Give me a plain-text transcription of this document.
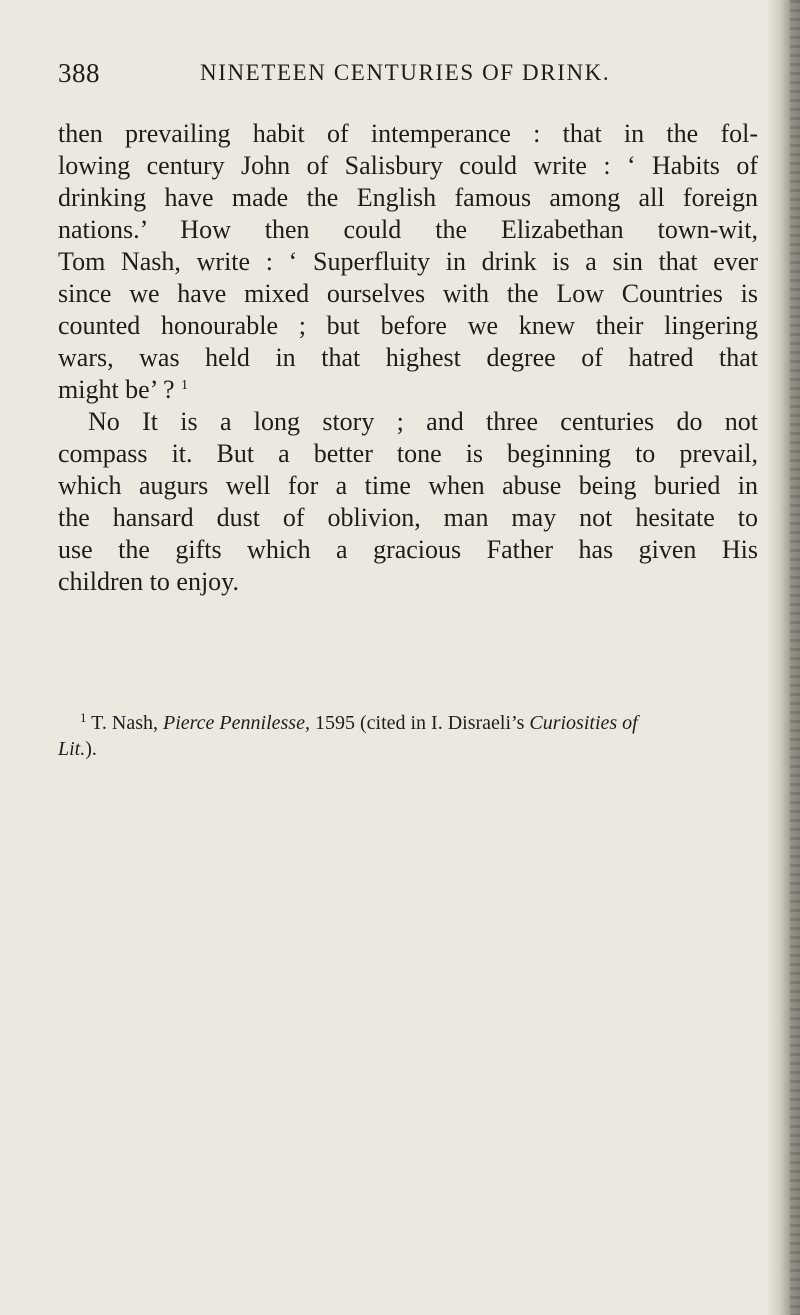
388	NINETEEN CENTURIES OF DRINK.
then prevailing habit of intemperance : that in the fol-
lowing century John of Salisbury could write : ‘ Habits of
drinking have made the English famous among all foreign
nations.’ How then could the Elizabethan town-wit,
Tom Nash, write : ‘ Superfluity in drink is a sin that ever
since we have mixed ourselves with the Low Countries is
counted honourable ; but before we knew their lingering
wars, was held in that highest degree of hatred that
might be’ ? $^1$
No It is a long story ; and three centuries do not
compass it. But a better tone is beginning to prevail,
which augurs well for a time when abuse being buried in
the hansard dust of oblivion, man may not hesitate to
use the gifts which a gracious Father has given His
children to enjoy.
$^1$ T. Nash, Pierce Pennilesse, 1595 (cited in I. Disraeli’s Curiosities of
Lit.).
